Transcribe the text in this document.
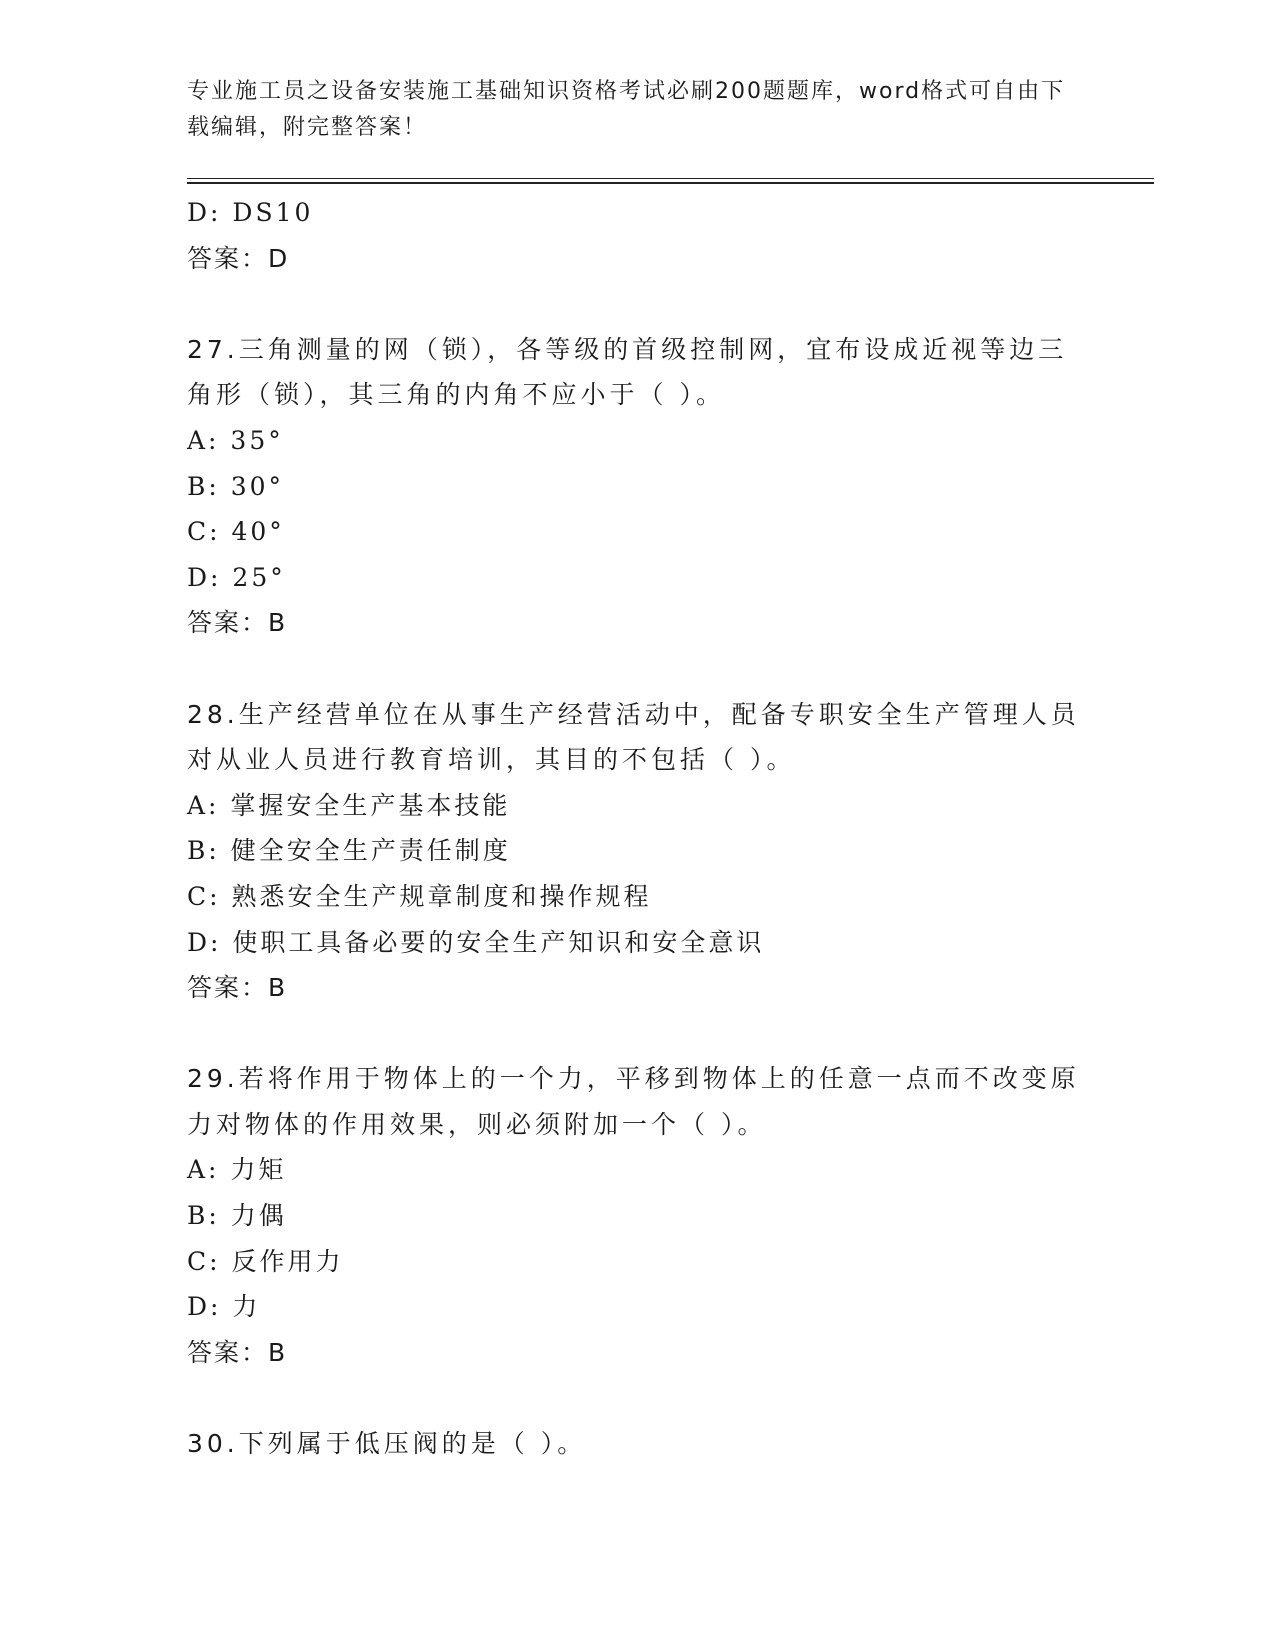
专业施工员之设备安装施工基础知识资格考试必刷200题题库，word格式可自由下载编辑，附完整答案！
D: DS10
答案：D
27.三角测量的网（锁），各等级的首级控制网，宜布设成近视等边三角形（锁），其三角的内角不应小于（ ）。
A: 35°
B: 30°
C: 40°
D: 25°
答案：B
28.生产经营单位在从事生产经营活动中，配备专职安全生产管理人员对从业人员进行教育培训，其目的不包括（ ）。
A: 掌握安全生产基本技能
B: 健全安全生产责任制度
C: 熟悉安全生产规章制度和操作规程
D: 使职工具备必要的安全生产知识和安全意识
答案：B
29.若将作用于物体上的一个力，平移到物体上的任意一点而不改变原力对物体的作用效果，则必须附加一个（ ）。
A: 力矩
B: 力偶
C: 反作用力
D: 力
答案：B
30.下列属于低压阀的是（ ）。
